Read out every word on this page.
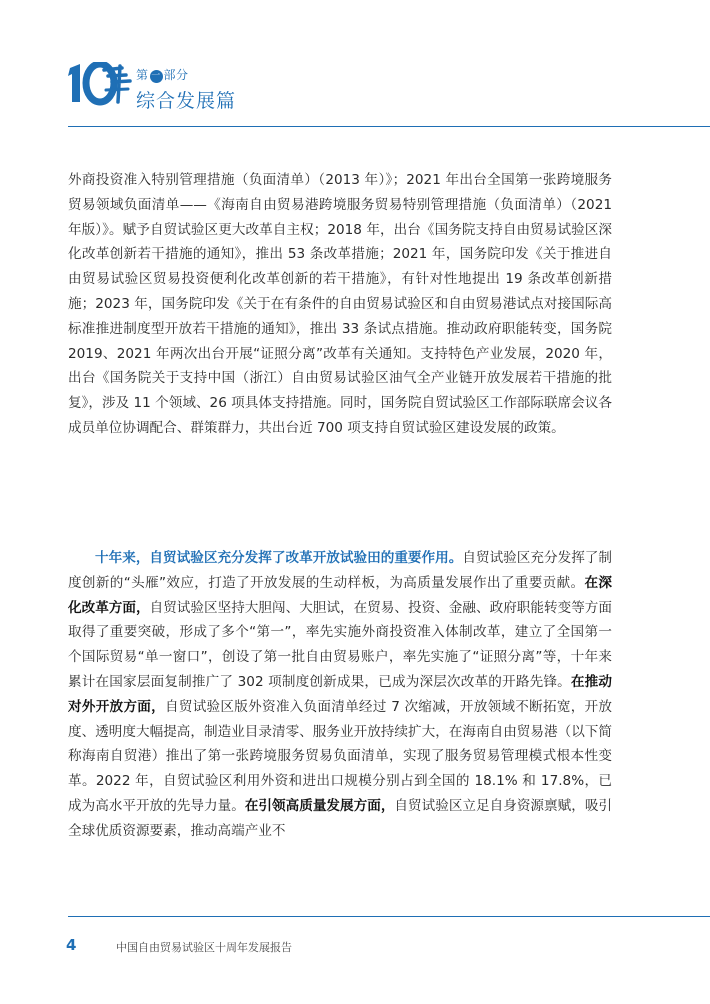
第 一 部分
综合发展篇

外商投资准入特别管理措施（负面清单）（2013 年）》；2021 年出台全国第一张跨境服务贸易领域负面清单——《海南自由贸易港跨境服务贸易特别管理措施（负面清单）（2021 年版）》。赋予自贸试验区更大改革自主权；2018 年，出台《国务院支持自由贸易试验区深化改革创新若干措施的通知》，推出 53 条改革措施；2021 年，国务院印发《关于推进自由贸易试验区贸易投资便利化改革创新的若干措施》，有针对性地提出 19 条改革创新措施；2023 年，国务院印发《关于在有条件的自由贸易试验区和自由贸易港试点对接国际高标准推进制度型开放若干措施的通知》，推出 33 条试点措施。推动政府职能转变，国务院 2019、2021 年两次出台开展“证照分离”改革有关通知。支持特色产业发展，2020 年，出台《国务院关于支持中国（浙江）自由贸易试验区油气全产业链开放发展若干措施的批复》，涉及 11 个领域、26 项具体支持措施。同时，国务院自贸试验区工作部际联席会议各成员单位协调配合、群策群力，共出台近 700 项支持自贸试验区建设发展的政策。

十年来，自贸试验区充分发挥了改革开放试验田的重要作用。自贸试验区充分发挥了制度创新的“头雁”效应，打造了开放发展的生动样板，为高质量发展作出了重要贡献。在深化改革方面，自贸试验区坚持大胆闯、大胆试，在贸易、投资、金融、政府职能转变等方面取得了重要突破，形成了多个“第一”，率先实施外商投资准入体制改革，建立了全国第一个国际贸易“单一窗口”，创设了第一批自由贸易账户，率先实施了“证照分离”等，十年来累计在国家层面复制推广了 302 项制度创新成果，已成为深层次改革的开路先锋。在推动对外开放方面，自贸试验区版外资准入负面清单经过 7 次缩减，开放领域不断拓宽，开放度、透明度大幅提高，制造业目录清零、服务业开放持续扩大，在海南自由贸易港（以下简称海南自贸港）推出了第一张跨境服务贸易负面清单，实现了服务贸易管理模式根本性变革。2022 年，自贸试验区利用外资和进出口规模分别占到全国的 18.1% 和 17.8%，已成为高水平开放的先导力量。在引领高质量发展方面，自贸试验区立足自身资源禀赋，吸引全球优质资源要素，推动高端产业不

4	中国自由贸易试验区十周年发展报告
